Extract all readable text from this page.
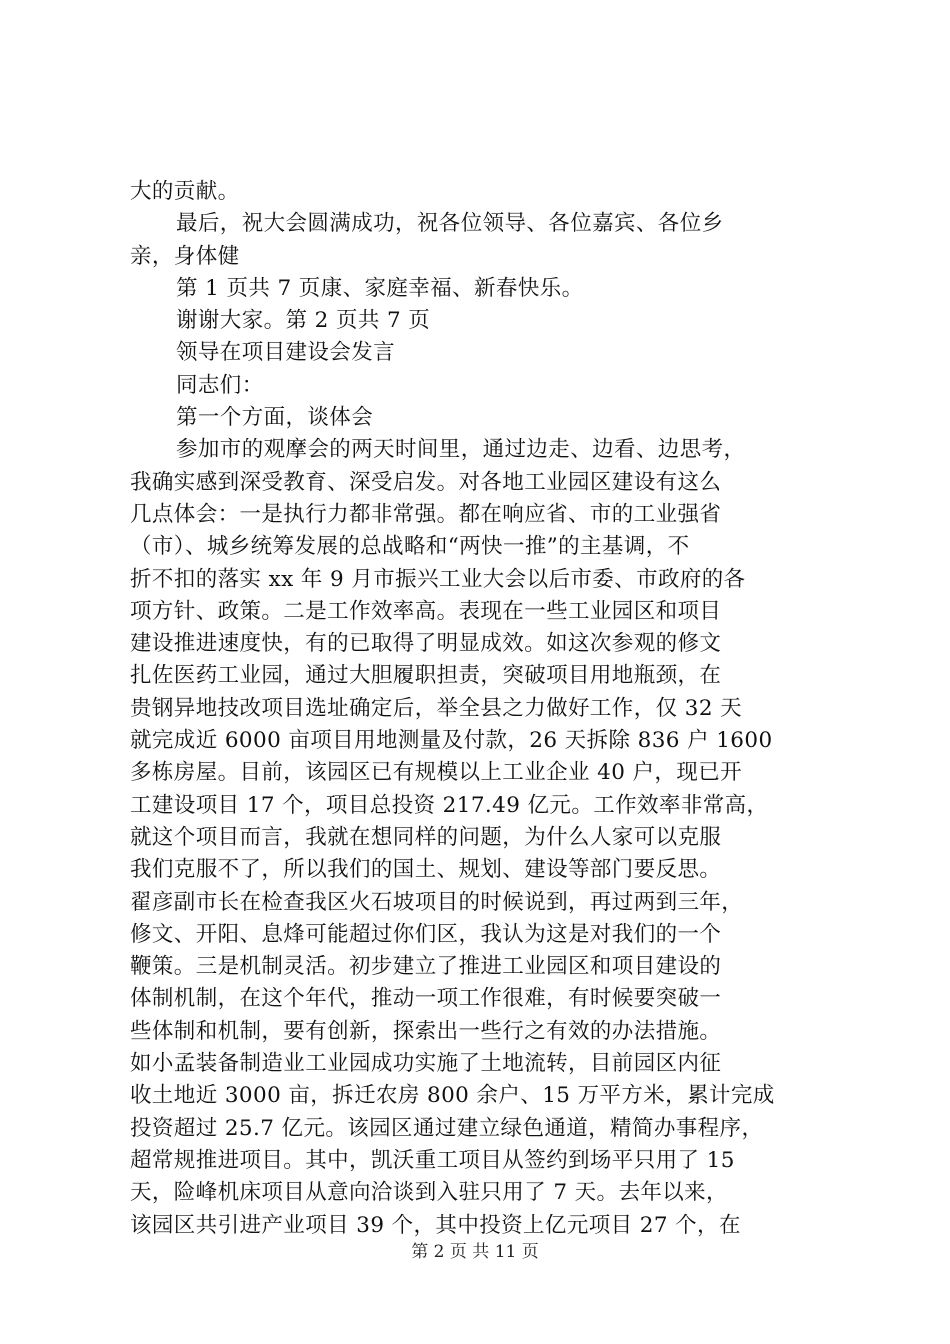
大的贡献。
最后，祝大会圆满成功，祝各位领导、各位嘉宾、各位乡
亲，身体健
第 1 页共 7 页康、家庭幸福、新春快乐。
谢谢大家。第 2 页共 7 页
领导在项目建设会发言
同志们：
第一个方面，谈体会
参加市的观摩会的两天时间里，通过边走、边看、边思考，
我确实感到深受教育、深受启发。对各地工业园区建设有这么
几点体会：一是执行力都非常强。都在响应省、市的工业强省
（市）、城乡统筹发展的总战略和“两快一推”的主基调，不
折不扣的落实 xx 年 9 月市振兴工业大会以后市委、市政府的各
项方针、政策。二是工作效率高。表现在一些工业园区和项目
建设推进速度快，有的已取得了明显成效。如这次参观的修文
扎佐医药工业园，通过大胆履职担责，突破项目用地瓶颈，在
贵钢异地技改项目选址确定后，举全县之力做好工作，仅 32 天
就完成近 6000 亩项目用地测量及付款，26 天拆除 836 户 1600
多栋房屋。目前，该园区已有规模以上工业企业 40 户，现已开
工建设项目 17 个，项目总投资 217.49 亿元。工作效率非常高，
就这个项目而言，我就在想同样的问题，为什么人家可以克服
我们克服不了，所以我们的国土、规划、建设等部门要反思。
翟彦副市长在检查我区火石坡项目的时候说到，再过两到三年，
修文、开阳、息烽可能超过你们区，我认为这是对我们的一个
鞭策。三是机制灵活。初步建立了推进工业园区和项目建设的
体制机制，在这个年代，推动一项工作很难，有时候要突破一
些体制和机制，要有创新，探索出一些行之有效的办法措施。
如小孟装备制造业工业园成功实施了土地流转，目前园区内征
收土地近 3000 亩，拆迁农房 800 余户、15 万平方米，累计完成
投资超过 25.7 亿元。该园区通过建立绿色通道，精简办事程序，
超常规推进项目。其中，凯沃重工项目从签约到场平只用了 15
天，险峰机床项目从意向洽谈到入驻只用了 7 天。去年以来，
该园区共引进产业项目 39 个，其中投资上亿元项目 27 个，在
第 2 页 共 11 页
